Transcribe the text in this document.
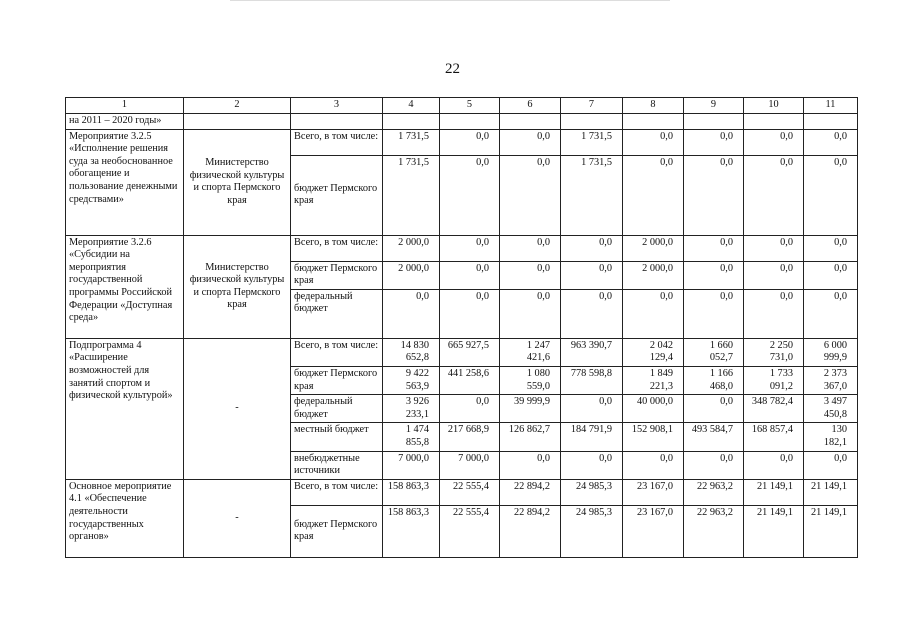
22
1	2	3	4	5	6	7	8	9	10	11
на 2011 – 2020 годы»										
Мероприятие 3.2.5 «Исполнение решения суда за необоснованное обогащение и пользование денежными средствами»	Министерство физической культуры и спорта Пермского края	Всего, в том числе:	1 731,5	0,0	0,0	1 731,5	0,0	0,0	0,0	0,0
		бюджет Пермского края	1 731,5	0,0	0,0	1 731,5	0,0	0,0	0,0	0,0
Мероприятие 3.2.6 «Субсидии на мероприятия государственной программы Российской Федерации «Доступная среда»	Министерство физической культуры и спорта Пермского края	Всего, в том числе:	2 000,0	0,0	0,0	0,0	2 000,0	0,0	0,0	0,0
		бюджет Пермского края	2 000,0	0,0	0,0	0,0	2 000,0	0,0	0,0	0,0
		федеральный бюджет	0,0	0,0	0,0	0,0	0,0	0,0	0,0	0,0
Подпрограмма 4 «Расширение возможностей для занятий спортом и физической культурой»	-	Всего, в том числе:	14 830 652,8	665 927,5	1 247 421,6	963 390,7	2 042 129,4	1 660 052,7	2 250 731,0	6 000 999,9
		бюджет Пермского края	9 422 563,9	441 258,6	1 080 559,0	778 598,8	1 849 221,3	1 166 468,0	1 733 091,2	2 373 367,0
		федеральный бюджет	3 926 233,1	0,0	39 999,9	0,0	40 000,0	0,0	348 782,4	3 497 450,8
		местный бюджет	1 474 855,8	217 668,9	126 862,7	184 791,9	152 908,1	493 584,7	168 857,4	130 182,1
		внебюджетные источники	7 000,0	7 000,0	0,0	0,0	0,0	0,0	0,0	0,0
Основное мероприятие 4.1 «Обеспечение деятельности государственных органов»	-	Всего, в том числе:	158 863,3	22 555,4	22 894,2	24 985,3	23 167,0	22 963,2	21 149,1	21 149,1
		бюджет Пермского края	158 863,3	22 555,4	22 894,2	24 985,3	23 167,0	22 963,2	21 149,1	21 149,1
